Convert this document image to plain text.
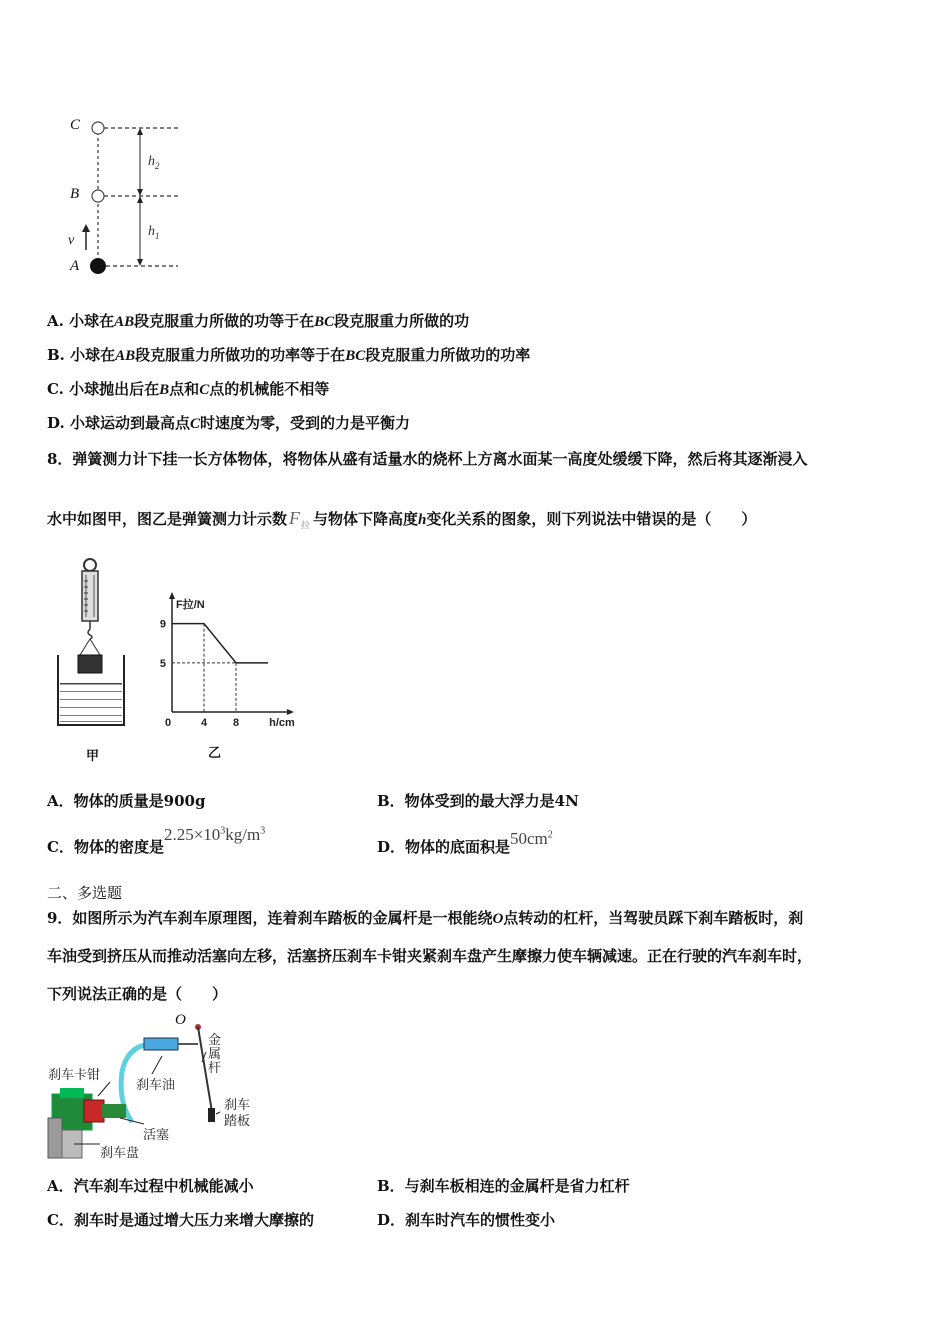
C
B
A
v
$h_2$
$h_1$
A. 小球在AB段克服重力所做的功等于在BC段克服重力所做的功
B. 小球在AB段克服重力所做功的功率等于在BC段克服重力所做功的功率
C. 小球抛出后在B点和C点的机械能不相等
D. 小球运动到最高点C时速度为零，受到的力是平衡力
8．弹簧测力计下挂一长方体物体，将物体从盛有适量水的烧杯上方离水面某一高度处缓缓下降，然后将其逐渐浸入
水中如图甲，图乙是弹簧测力计示数 F 拉 与物体下降高度h变化关系的图象，则下列说法中错误的是（　　）
甲
0	4 8
9
5
F拉/N
h/cm
乙
A．物体的质量是900g	B．物体受到的最大浮力是4N
C．物体的密度是$2.25\times 10^3kg/m^3$
D．物体的底面积是$50cm^2$
二、多选题
9．如图所示为汽车刹车原理图，连着刹车踏板的金属杆是一根能绕O点转动的杠杆，当驾驶员踩下刹车踏板时，刹
车油受到挤压从而推动活塞向左移，活塞挤压刹车卡钳夹紧刹车盘产生摩擦力使车辆减速。正在行驶的汽车刹车时，
下列说法正确的是（　　）
O
金属杆
刹车卡钳
刹车油
活塞
刹车盘
刹车
踏板
A．汽车刹车过程中机械能减小	B．与刹车板相连的金属杆是省力杠杆
C．刹车时是通过增大压力来增大摩擦的	D．刹车时汽车的惯性变小
